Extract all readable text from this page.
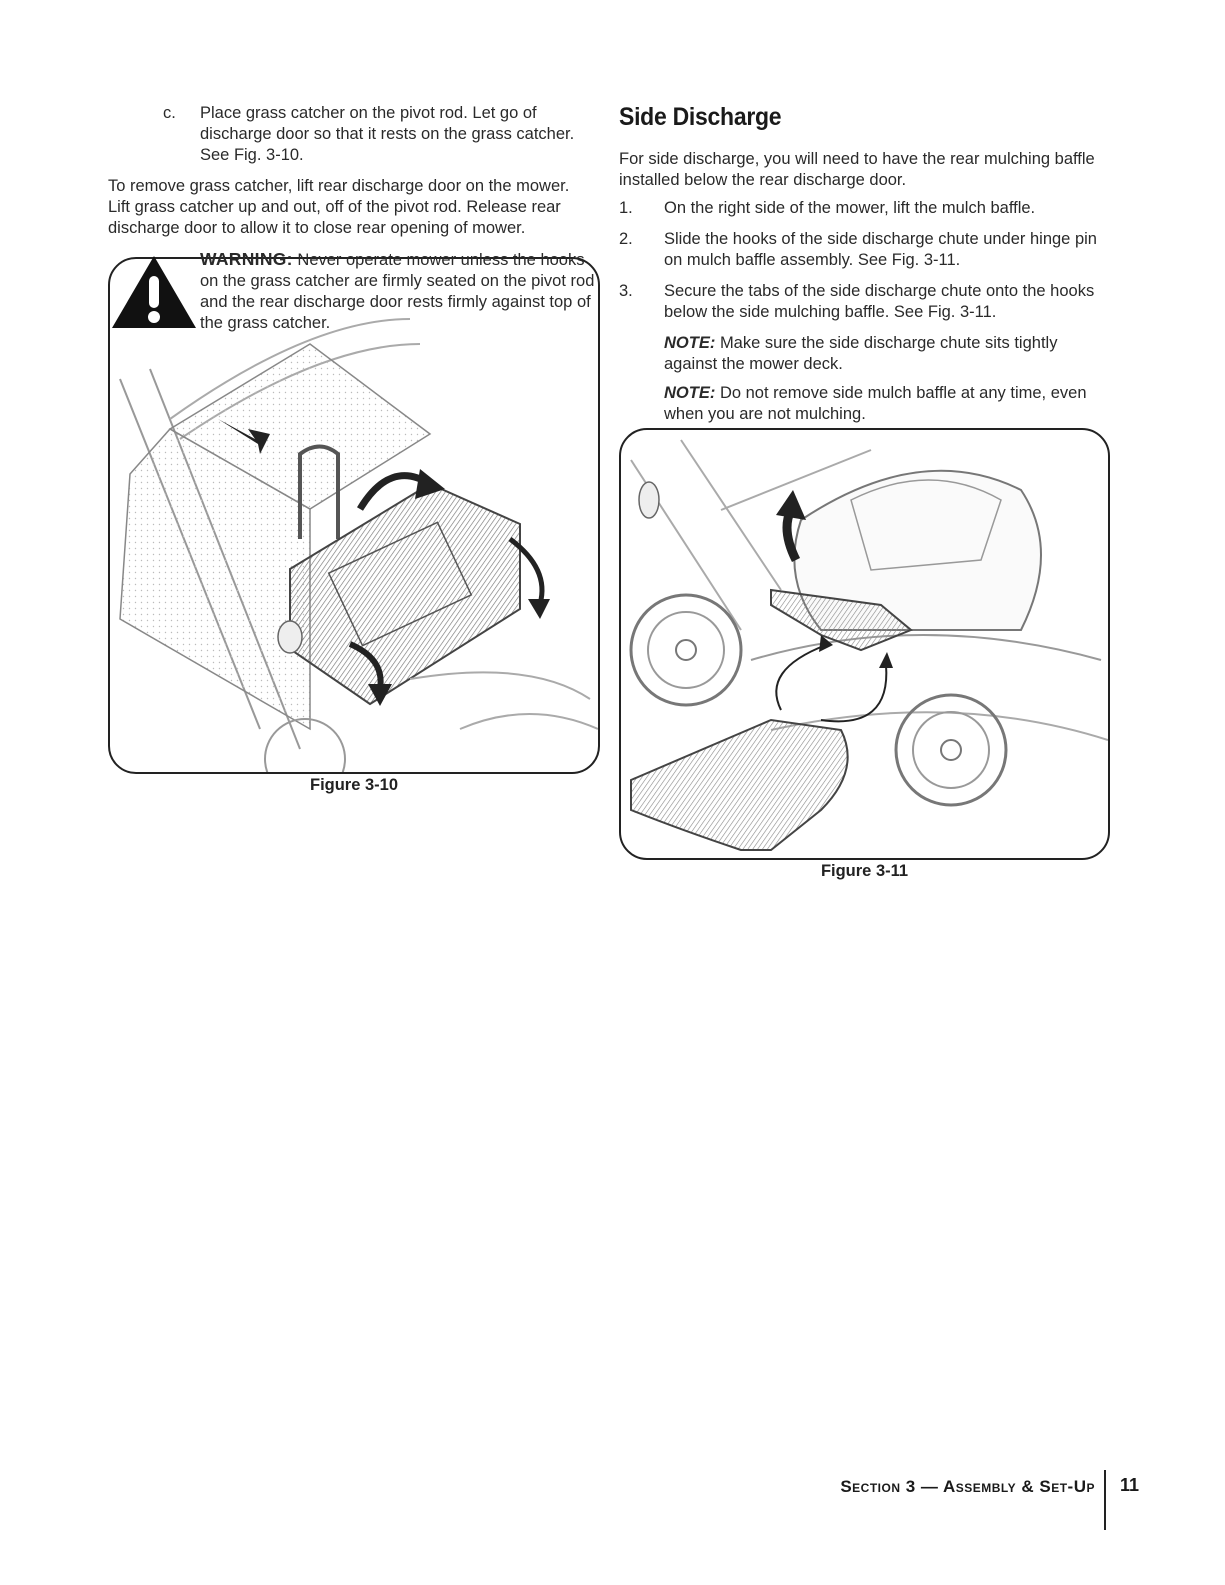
c. Place grass catcher on the pivot rod. Let go of discharge door so that it rests on the grass catcher. See Fig. 3-10.
To remove grass catcher, lift rear discharge door on the mower. Lift grass catcher up and out, off of the pivot rod. Release rear discharge door to allow it to close rear opening of mower.
Figure 3-10
WARNING: Never operate mower unless the hooks on the grass catcher are firmly seated on the pivot rod and the rear discharge door rests firmly against top of the grass catcher.
Side Discharge
For side discharge, you will need to have the rear mulching baffle installed below the rear discharge door.
1. On the right side of the mower, lift the mulch baffle.
2. Slide the hooks of the side discharge chute under hinge pin on mulch baffle assembly. See Fig. 3-11.
3. Secure the tabs of the side discharge chute onto the hooks below the side mulching baffle. See Fig. 3-11.
NOTE: Make sure the side discharge chute sits tightly against the mower deck.
NOTE: Do not remove side mulch baffle at any time, even when you are not mulching.
Figure 3-11
Section 3 — Assembly & Set-Up 11
